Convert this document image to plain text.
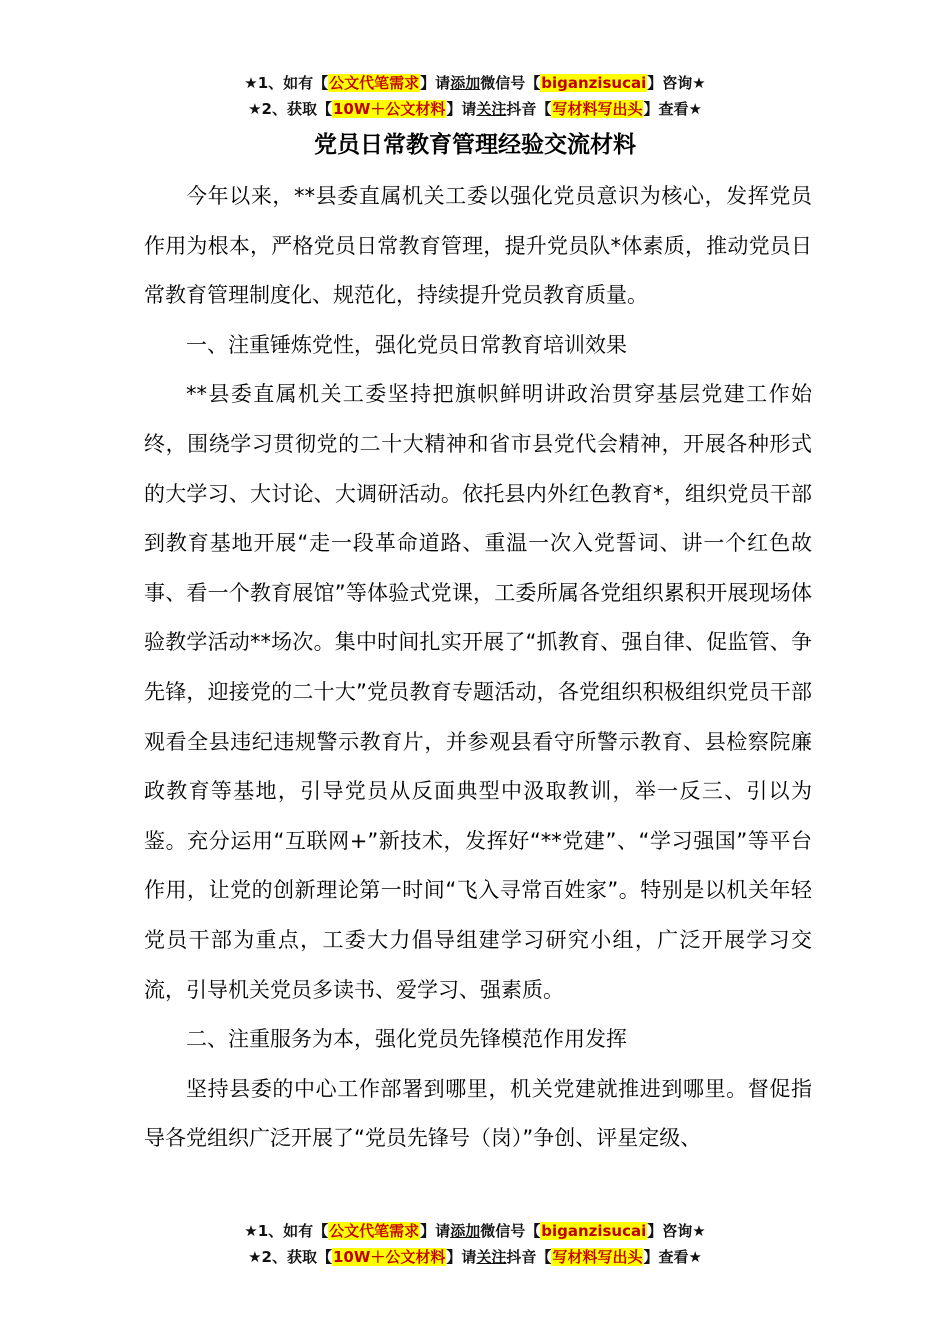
★1、如有【公文代笔需求】请添加微信号【biganzisucai】咨询★
★2、获取【10W＋公文材料】请关注抖音【写材料写出头】查看★
党员日常教育管理经验交流材料

今年以来，**县委直属机关工委以强化党员意识为核心，发挥党员作用为根本，严格党员日常教育管理，提升党员队*体素质，推动党员日常教育管理制度化、规范化，持续提升党员教育质量。

一、注重锤炼党性，强化党员日常教育培训效果

**县委直属机关工委坚持把旗帜鲜明讲政治贯穿基层党建工作始终，围绕学习贯彻党的二十大精神和省市县党代会精神，开展各种形式的大学习、大讨论、大调研活动。依托县内外红色教育*，组织党员干部到教育基地开展“走一段革命道路、重温一次入党誓词、讲一个红色故事、看一个教育展馆”等体验式党课，工委所属各党组织累积开展现场体验教学活动**场次。集中时间扎实开展了“抓教育、强自律、促监管、争先锋，迎接党的二十大”党员教育专题活动，各党组织积极组织党员干部观看全县违纪违规警示教育片，并参观县看守所警示教育、县检察院廉政教育等基地，引导党员从反面典型中汲取教训，举一反三、引以为鉴。充分运用“互联网+”新技术，发挥好“**党建”、“学习强国”等平台作用，让党的创新理论第一时间“飞入寻常百姓家”。特别是以机关年轻党员干部为重点，工委大力倡导组建学习研究小组，广泛开展学习交流，引导机关党员多读书、爱学习、强素质。

二、注重服务为本，强化党员先锋模范作用发挥

坚持县委的中心工作部署到哪里，机关党建就推进到哪里。督促指导各党组织广泛开展了“党员先锋号（岗）”争创、评星定级、

★1、如有【公文代笔需求】请添加微信号【biganzisucai】咨询★
★2、获取【10W＋公文材料】请关注抖音【写材料写出头】查看★
